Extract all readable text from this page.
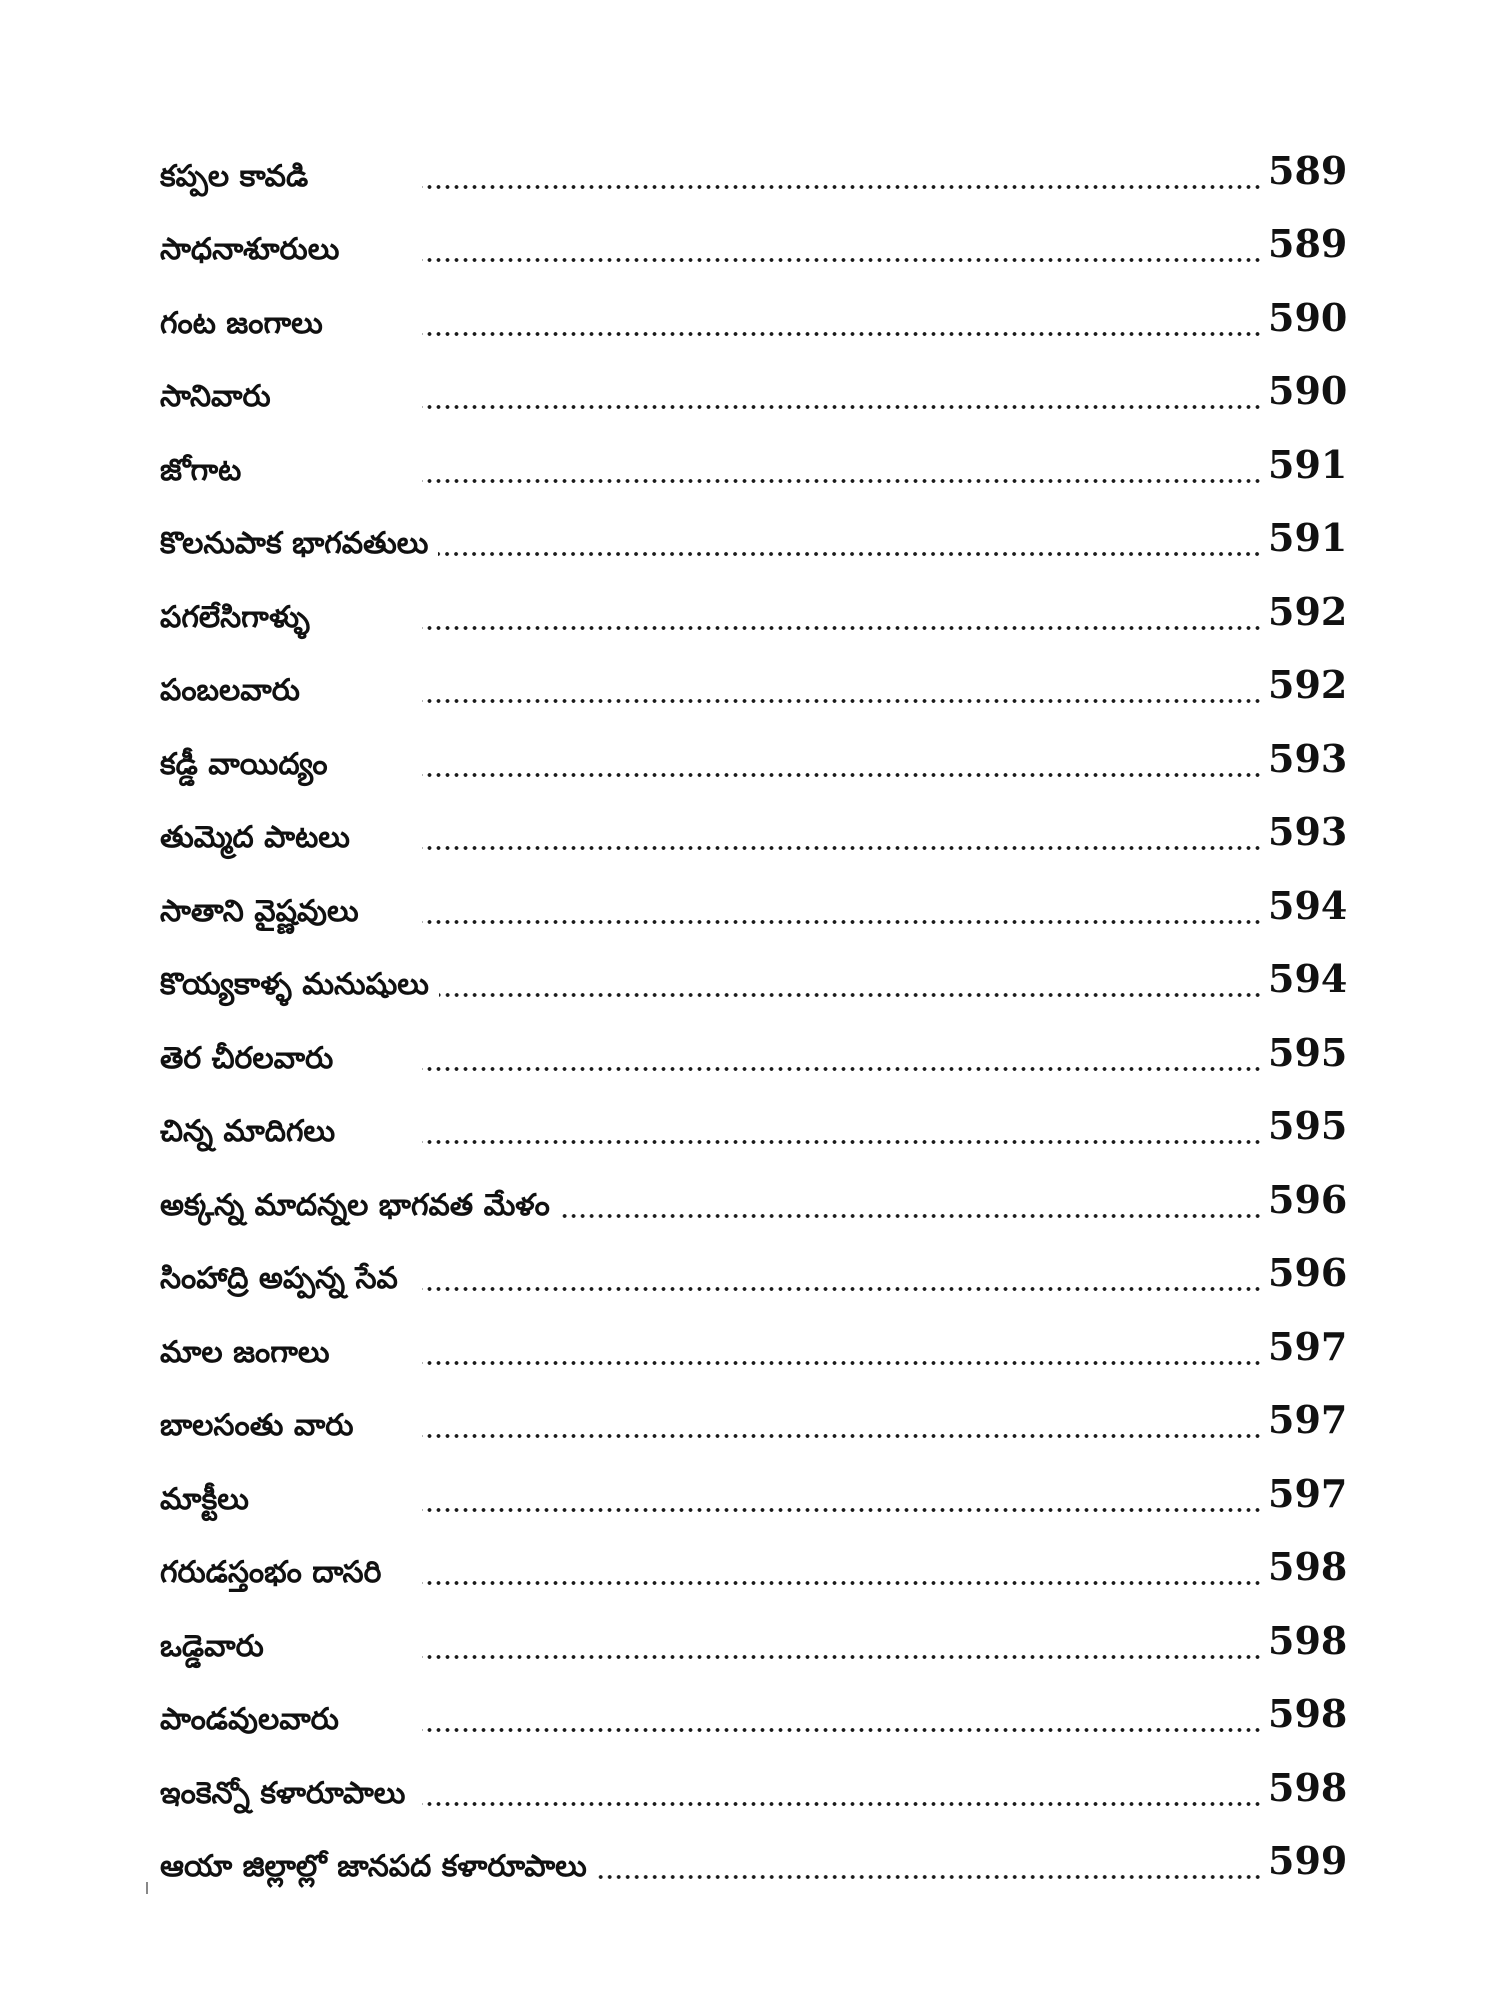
కప్పల కావడి	589
సాధనాశూరులు	589
గంట జంగాలు	590
సానివారు	590
జోగాట	591
కొలనుపాక భాగవతులు	591
పగలేసిగాళ్ళు	592
పంబలవారు	592
కడ్డీ వాయిద్యం	593
తుమ్మెద పాటలు	593
సాతాని వైష్ణవులు	594
కొయ్యకాళ్ళ మనుషులు	594
తెర చీరలవారు	595
చిన్న మాదిగలు	595
అక్కన్న మాదన్నల భాగవత మేళం	596
సింహాద్రి అప్పన్న సేవ	596
మాల జంగాలు	597
బాలసంతు వారు	597
మాక్టీలు	597
గరుడస్తంభం దాసరి	598
ఒడ్డెవారు	598
పాండవులవారు	598
ఇంకెన్నో కళారూపాలు	598
ఆయా జిల్లాల్లో జానపద కళారూపాలు	599
